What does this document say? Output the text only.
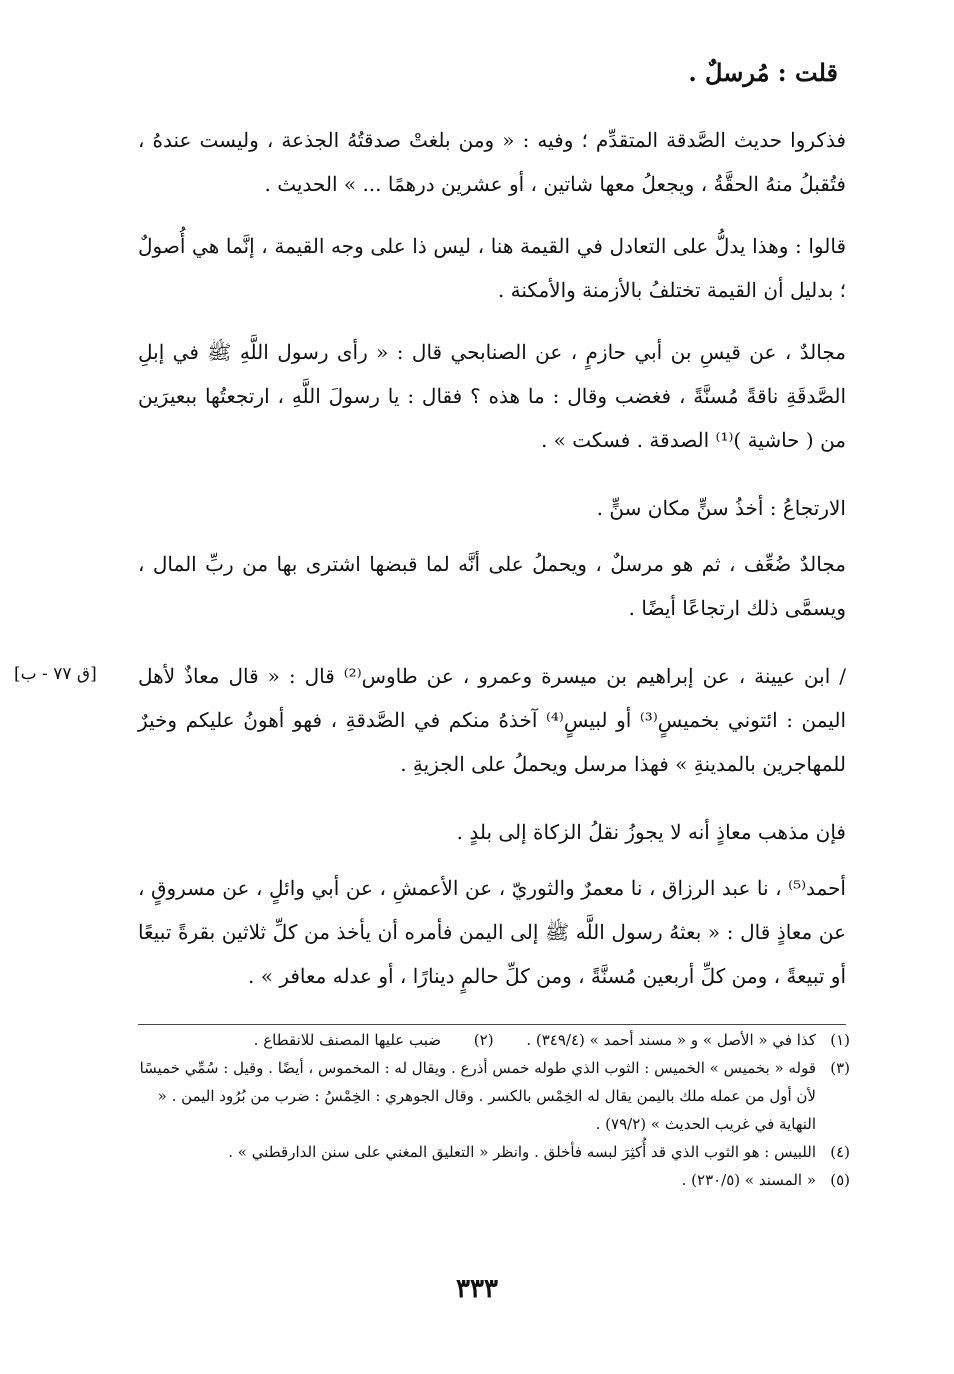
قلت : مُرسلٌ .
فذكروا حديث الصَّدقة المتقدِّم ؛ وفيه : « ومن بلغتْ صدقتُهُ الجذعة ، وليست عندهُ ، فتُقبلُ منهُ الحقَّةُ ، ويجعلُ معها شاتين ، أو عشرين درهمًا ... » الحديث .
قالوا : وهذا يدلُّ على التعادل في القيمة هنا ، ليس ذا على وجه القيمة ، إنَّما هي أُصولٌ ؛ بدليل أن القيمة تختلفُ بالأزمنة والأمكنة .
مجالدٌ ، عن قيسِ بن أبي حازمٍ ، عن الصنابحي قال : « رأى رسول اللَّهِ ﷺ في إبلِ الصَّدقَةِ ناقةً مُسنَّةً ، فغضب وقال : ما هذه ؟ فقال : يا رسولَ اللَّهِ ، ارتجعتُها ببعيرَين من ( حاشية )⁽¹⁾ الصدقة . فسكت » .
الارتجاعُ : أخذُ سنٍّ مكان سنٍّ .
مجالدٌ ضُعِّف ، ثم هو مرسلٌ ، ويحملُ على أنَّه لما قبضها اشترى بها من ربِّ المال ، ويسمَّى ذلك ارتجاعًا أيضًا .
/ ابن عيينة ، عن إبراهيم بن ميسرة وعمرو ، عن طاوس⁽²⁾ قال : « قال معاذٌ لأهل اليمن : ائتوني بخميسٍ⁽³⁾ أو لبيسٍ⁽⁴⁾ آخذهُ منكم في الصَّدقةِ ، فهو أهونُ عليكم وخيرٌ للمهاجرين بالمدينةِ » فهذا مرسل ويحملُ على الجزيةِ .
فإن مذهب معاذٍ أنه لا يجوزُ نقلُ الزكاة إلى بلدٍ .
أحمد⁽⁵⁾ ، نا عبد الرزاق ، نا معمرٌ والثوريّ ، عن الأعمشِ ، عن أبي وائلٍ ، عن مسروقٍ ، عن معاذٍ قال : « بعثهُ رسول اللَّه ﷺ إلى اليمن فأمره أن يأخذ من كلِّ ثلاثين بقرةً تبيعًا أو تبيعةً ، ومن كلِّ أربعين مُسنَّةً ، ومن كلِّ حالمٍ دينارًا ، أو عدله معافر » .
[ق ٧٧ - ب]
(١)
كذا في « الأصل » و « مسند أحمد » (٣٤٩/٤) . (٢) ضبب عليها المصنف للانقطاع .
(٣)
قوله « بخميس » الخميس : الثوب الذي طوله خمس أذرع . ويقال له : المخموس ، أيضًا . وقيل : سُمِّي خميسًا لأن أول من عمله ملك باليمن يقال له الخِمْس بالكسر . وقال الجوهري : الخِمْسُ : ضرب من بُرُود اليمن . « النهاية في غريب الحديث » (٧٩/٢) .
(٤)
اللبيس : هو الثوب الذي قد أُكثِرَ لبسه فأخلق . وانظر « التعليق المغني على سنن الدارقطني » .
(٥)
« المسند » (٢٣٠/٥) .
٣٣٣
